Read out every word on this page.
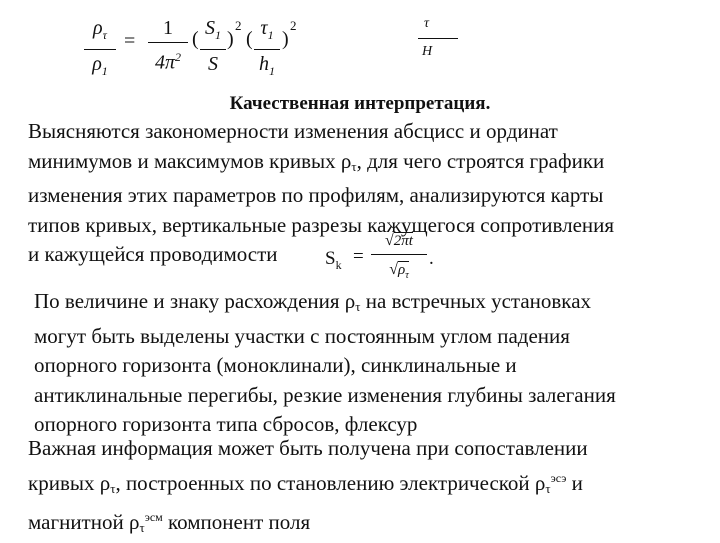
$\rho_\tau$
$\rho_1$
=
1
$4\pi^2$
( $S_1$
S
)
2
( $\tau_1$
$h_1$
)
2	τ
H
Качественная интерпретация.

Выясняются закономерности изменения абсцисс и ординат

минимумов и максимумов кривых $\rho_\tau$, для чего строятся графики

изменения этих параметров по профилям, анализируются карты

типов кривых, вертикальные разрезы кажущегося сопротивления

и кажущейся проводимости	$S_k$ =
√2πt
$√\rho_\tau$
.

По величине и знаку расхождения $\rho_\tau$ на встречных установках

могут быть выделены участки с постоянным углом падения

опорного горизонта (моноклинали), синклинальные и

антиклинальные перегибы, резкие изменения глубины залегания

опорного горизонта типа сбросов, флексур

Важная информация может быть получена при сопоставлении

кривых $\rho_\tau$, построенных по становлению электрической $\rho_\tau^{эсэ}$ и

магнитной $\rho_\tau^{эсм}$ компонент поля
